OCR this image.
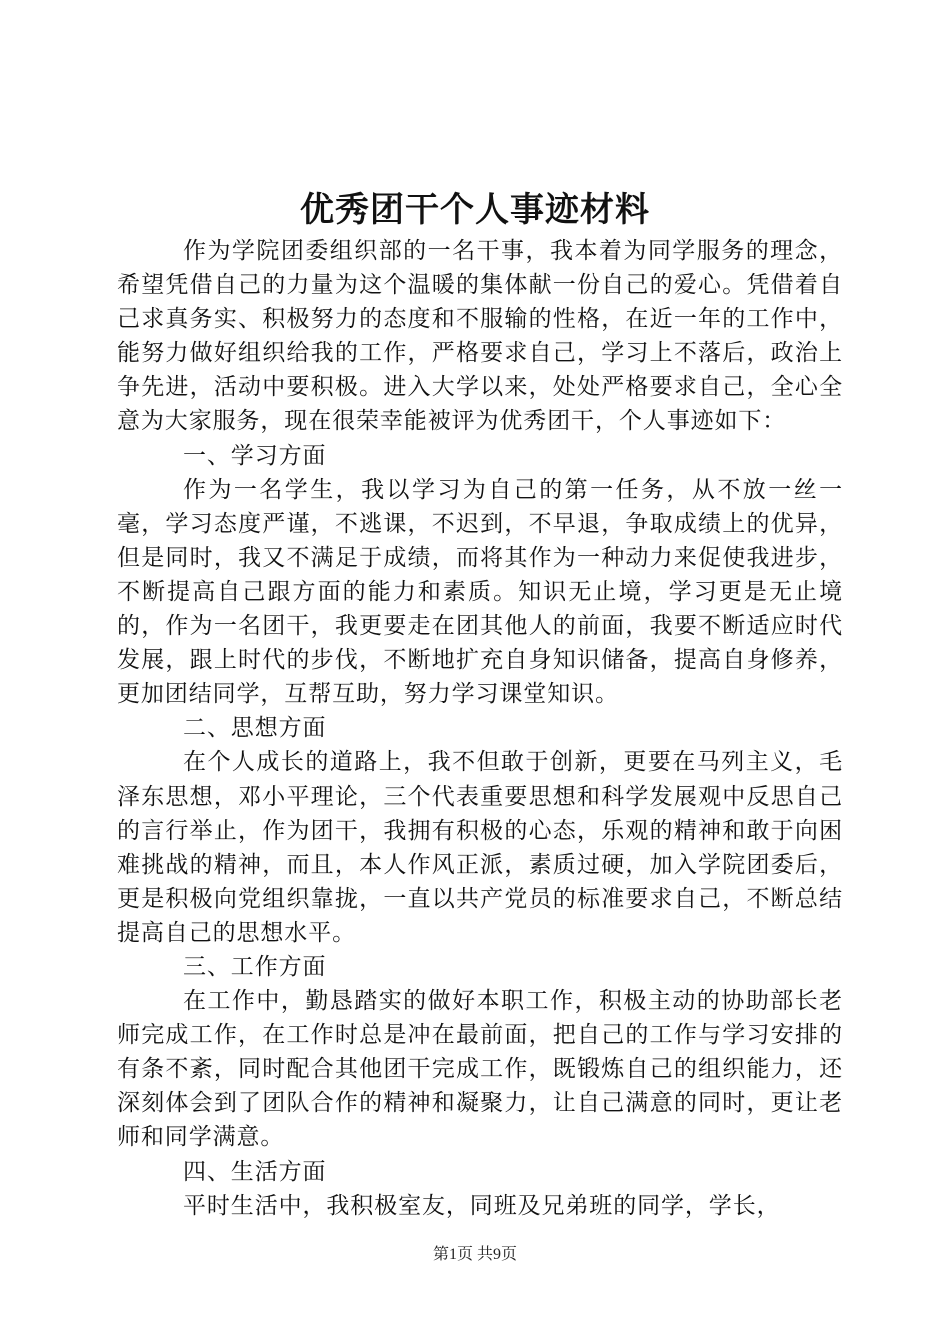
优秀团干个人事迹材料

作为学院团委组织部的一名干事，我本着为同学服务的理念，希望凭借自己的力量为这个温暖的集体献一份自己的爱心。凭借着自己求真务实、积极努力的态度和不服输的性格，在近一年的工作中，能努力做好组织给我的工作，严格要求自己，学习上不落后，政治上争先进，活动中要积极。进入大学以来，处处严格要求自己，全心全意为大家服务，现在很荣幸能被评为优秀团干，个人事迹如下：

一、学习方面

作为一名学生，我以学习为自己的第一任务，从不放一丝一毫，学习态度严谨，不逃课，不迟到，不早退，争取成绩上的优异，但是同时，我又不满足于成绩，而将其作为一种动力来促使我进步，不断提高自己跟方面的能力和素质。知识无止境，学习更是无止境的，作为一名团干，我更要走在团其他人的前面，我要不断适应时代发展，跟上时代的步伐，不断地扩充自身知识储备，提高自身修养，更加团结同学，互帮互助，努力学习课堂知识。

二、思想方面

在个人成长的道路上，我不但敢于创新，更要在马列主义，毛泽东思想，邓小平理论，三个代表重要思想和科学发展观中反思自己的言行举止，作为团干，我拥有积极的心态，乐观的精神和敢于向困难挑战的精神，而且，本人作风正派，素质过硬，加入学院团委后，更是积极向党组织靠拢，一直以共产党员的标准要求自己，不断总结提高自己的思想水平。

三、工作方面

在工作中，勤恳踏实的做好本职工作，积极主动的协助部长老师完成工作，在工作时总是冲在最前面，把自己的工作与学习安排的有条不紊，同时配合其他团干完成工作，既锻炼自己的组织能力，还深刻体会到了团队合作的精神和凝聚力，让自己满意的同时，更让老师和同学满意。

四、生活方面

平时生活中，我积极室友，同班及兄弟班的同学，学长，

第1页 共9页
